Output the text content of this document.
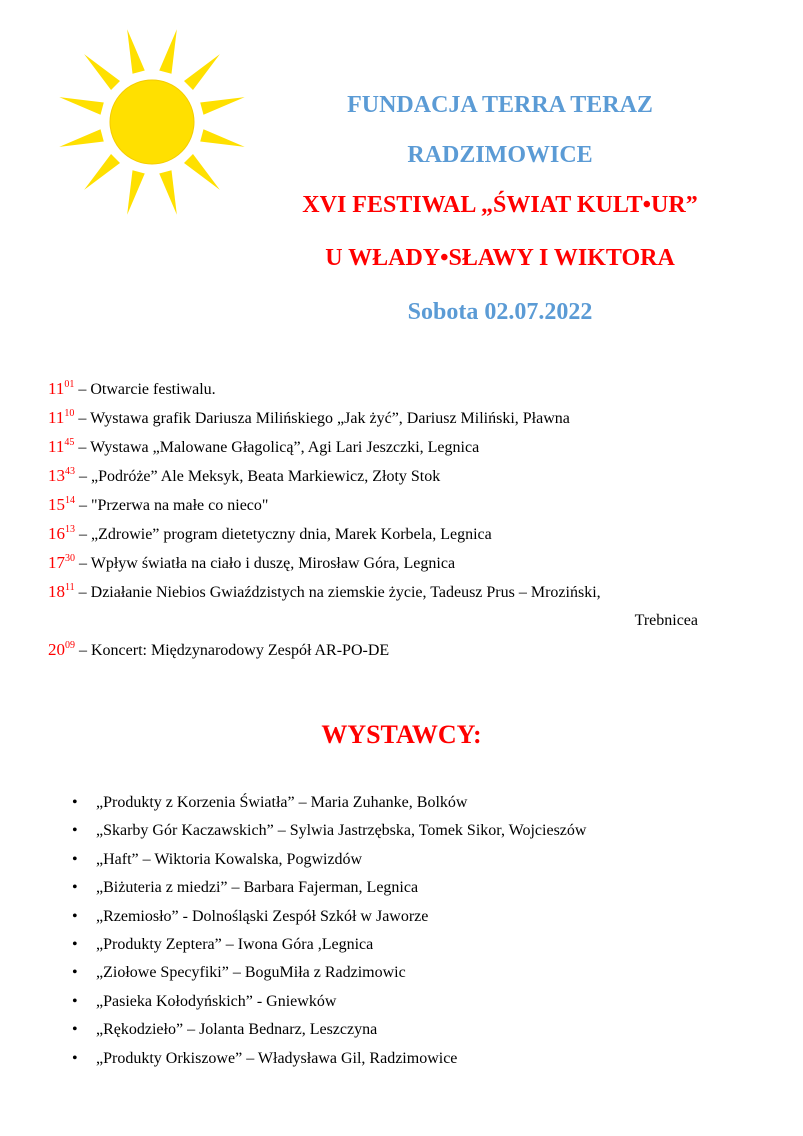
FUNDACJA TERRA TERAZ
RADZIMOWICE
XVI FESTIWAL „ŚWIAT KULT•UR”
U WŁADY•SŁAWY I WIKTORA
Sobota 02.07.2022
$11^{01}$ – Otwarcie festiwalu.
$11^{10}$ – Wystawa grafik Dariusza Milińskiego „Jak żyć”, Dariusz Miliński, Pławna
$11^{45}$ – Wystawa „Malowane Głagolicą”, Agi Lari Jeszczki, Legnica
$13^{43}$ – „Podróże” Ale Meksyk, Beata Markiewicz, Złoty Stok
$15^{14}$ – "Przerwa na małe co nieco"
$16^{13}$ – „Zdrowie” program dietetyczny dnia, Marek Korbela, Legnica
$17^{30}$ – Wpływ światła na ciało i duszę, Mirosław Góra, Legnica
$18^{11}$ – Działanie Niebios Gwiaździstych na ziemskie życie, Tadeusz Prus – Mroziński,
Trebnicea
$20^{09}$ – Koncert: Międzynarodowy Zespół AR-PO-DE
WYSTAWCY:
• „Produkty z Korzenia Światła” – Maria Zuhanke, Bolków
• „Skarby Gór Kaczawskich” – Sylwia Jastrzębska, Tomek Sikor, Wojcieszów
• „Haft” – Wiktoria Kowalska, Pogwizdów
• „Biżuteria z miedzi” – Barbara Fajerman, Legnica
• „Rzemiosło” - Dolnośląski Zespół Szkół w Jaworze
• „Produkty Zeptera” – Iwona Góra ,Legnica
• „Ziołowe Specyfiki” – BoguMiła z Radzimowic
• „Pasieka Kołodyńskich” - Gniewków
• „Rękodzieło” – Jolanta Bednarz, Leszczyna
• „Produkty Orkiszowe” – Władysława Gil, Radzimowice
